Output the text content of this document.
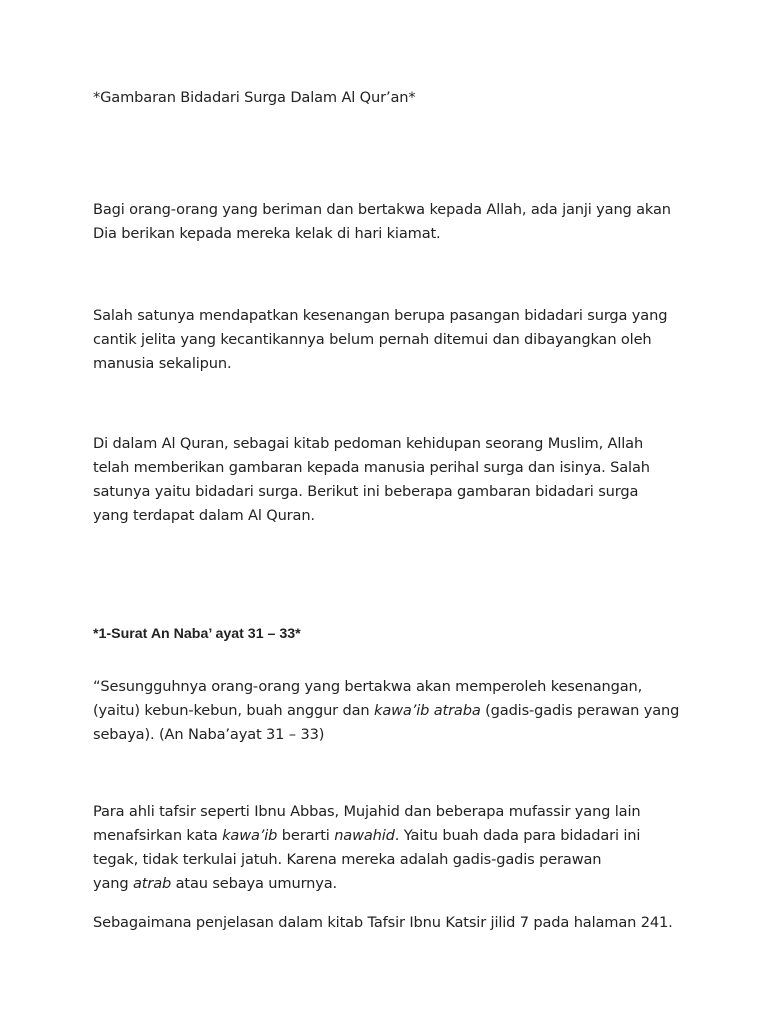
*Gambaran Bidadari Surga Dalam Al Qur’an*

Bagi orang-orang yang beriman dan bertakwa kepada Allah, ada janji yang akan
Dia berikan kepada mereka kelak di hari kiamat.
Salah satunya mendapatkan kesenangan berupa pasangan bidadari surga yang
cantik jelita yang kecantikannya belum pernah ditemui dan dibayangkan oleh
manusia sekalipun.
Di dalam Al Quran, sebagai kitab pedoman kehidupan seorang Muslim, Allah
telah memberikan gambaran kepada manusia perihal surga dan isinya. Salah
satunya yaitu bidadari surga. Berikut ini beberapa gambaran bidadari surga
yang terdapat dalam Al Quran.

*1-Surat An Naba’ ayat 31 – 33*

“Sesungguhnya orang-orang yang bertakwa akan memperoleh kesenangan,
(yaitu) kebun-kebun, buah anggur dan kawa’ib atraba (gadis-gadis perawan yang
sebaya). (An Naba’ayat 31 – 33)
Para ahli tafsir seperti Ibnu Abbas, Mujahid dan beberapa mufassir yang lain
menafsirkan kata kawa’ib berarti nawahid. Yaitu buah dada para bidadari ini
tegak, tidak terkulai jatuh. Karena mereka adalah gadis-gadis perawan
yang atrab atau sebaya umurnya.

Sebagaimana penjelasan dalam kitab Tafsir Ibnu Katsir jilid 7 pada halaman 241.
